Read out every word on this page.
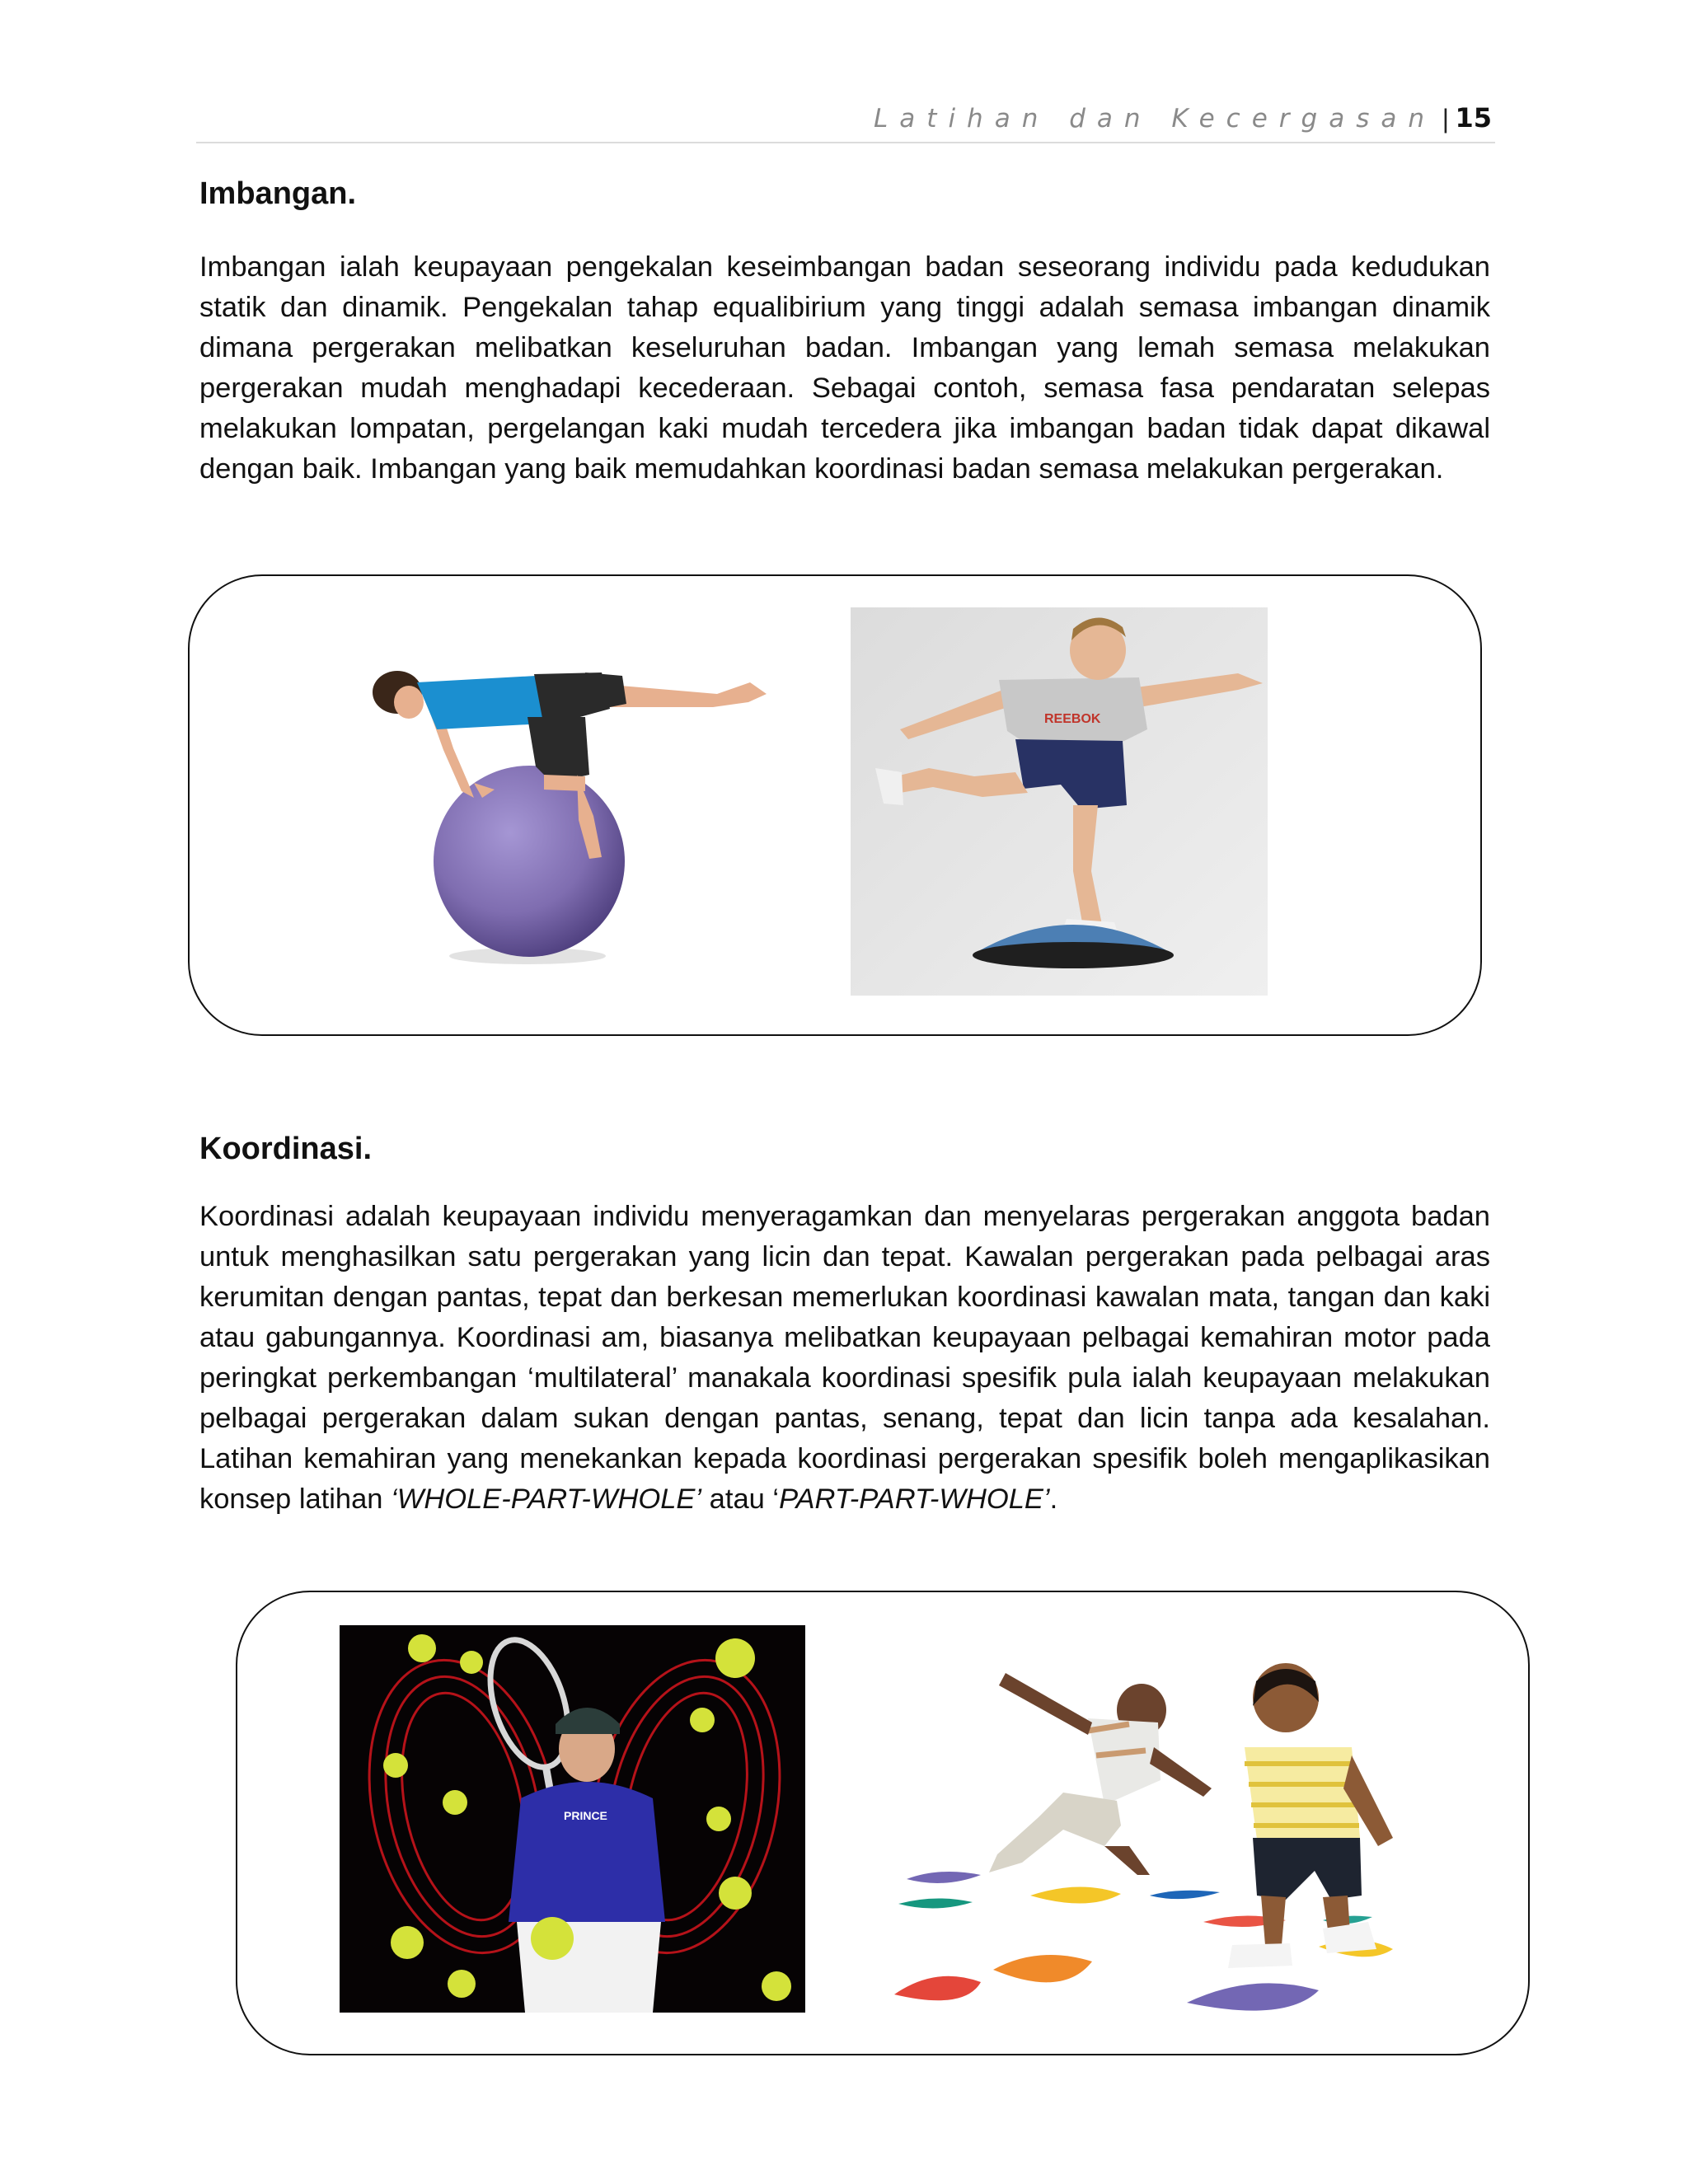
Latihan dan Kecergasan | 15
Imbangan.

Imbangan ialah keupayaan pengekalan keseimbangan badan seseorang individu pada kedudukan statik dan dinamik. Pengekalan tahap equalibirium yang tinggi adalah semasa imbangan dinamik dimana pergerakan melibatkan keseluruhan badan. Imbangan yang lemah semasa melakukan pergerakan mudah menghadapi kecederaan. Sebagai contoh, semasa fasa pendaratan selepas melakukan lompatan, pergelangan kaki mudah tercedera jika imbangan badan tidak dapat dikawal dengan baik. Imbangan yang baik memudahkan koordinasi badan semasa melakukan pergerakan.

REEBOK
Koordinasi.

Koordinasi adalah keupayaan individu menyeragamkan dan menyelaras pergerakan anggota badan untuk menghasilkan satu pergerakan yang licin dan tepat. Kawalan pergerakan pada pelbagai aras kerumitan dengan pantas, tepat dan berkesan memerlukan koordinasi kawalan mata, tangan dan kaki atau gabungannya. Koordinasi am, biasanya melibatkan keupayaan pelbagai kemahiran motor pada peringkat perkembangan ‘multilateral’ manakala koordinasi spesifik pula ialah keupayaan melakukan pelbagai pergerakan dalam sukan dengan pantas, senang, tepat dan licin tanpa ada kesalahan. Latihan kemahiran yang menekankan kepada koordinasi pergerakan spesifik boleh mengaplikasikan konsep latihan ‘WHOLE-PART-WHOLE’ atau ‘PART-PART-WHOLE’.

PRINCE
